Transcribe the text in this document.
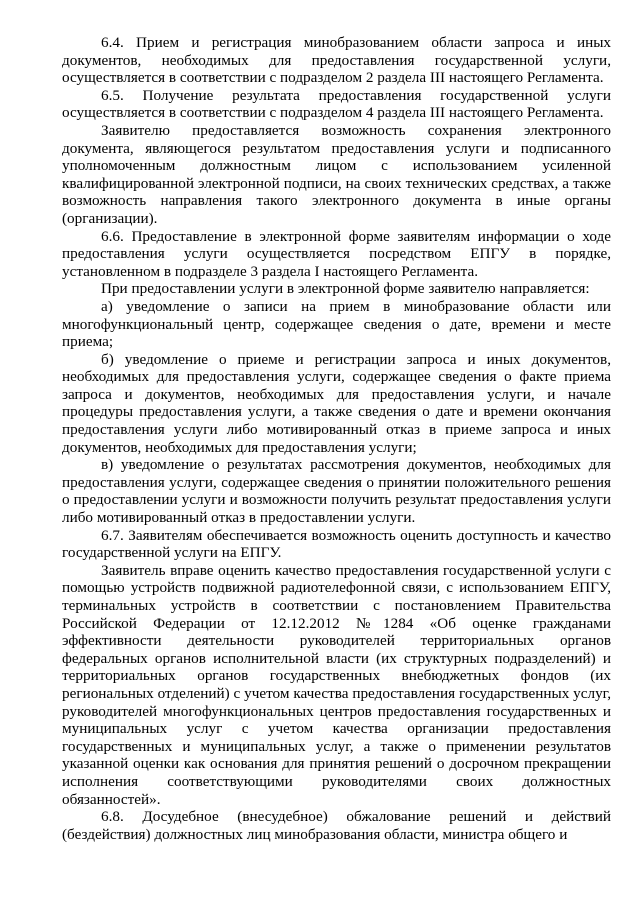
6.4. Прием и регистрация минобразованием области запроса и иных документов, необходимых для предоставления государственной услуги, осуществляется в соответствии с подразделом 2 раздела III настоящего Регламента.

6.5. Получение результата предоставления государственной услуги осуществляется в соответствии с подразделом 4 раздела III настоящего Регламента.

Заявителю предоставляется возможность сохранения электронного документа, являющегося результатом предоставления услуги и подписанного уполномоченным должностным лицом с использованием усиленной квалифицированной электронной подписи, на своих технических средствах, а также возможность направления такого электронного документа в иные органы (организации).

6.6. Предоставление в электронной форме заявителям информации о ходе предоставления услуги осуществляется посредством ЕПГУ в порядке, установленном в подразделе 3 раздела I настоящего Регламента.

При предоставлении услуги в электронной форме заявителю направляется:

а) уведомление о записи на прием в минобразование области или многофункциональный центр, содержащее сведения о дате, времени и месте приема;

б) уведомление о приеме и регистрации запроса и иных документов, необходимых для предоставления услуги, содержащее сведения о факте приема запроса и документов, необходимых для предоставления услуги, и начале процедуры предоставления услуги, а также сведения о дате и времени окончания предоставления услуги либо мотивированный отказ в приеме запроса и иных документов, необходимых для предоставления услуги;

в) уведомление о результатах рассмотрения документов, необходимых для предоставления услуги, содержащее сведения о принятии положительного решения о предоставлении услуги и возможности получить результат предоставления услуги либо мотивированный отказ в предоставлении услуги.

6.7. Заявителям обеспечивается возможность оценить доступность и качество государственной услуги на ЕПГУ.

Заявитель вправе оценить качество предоставления государственной услуги с помощью устройств подвижной радиотелефонной связи, с использованием ЕПГУ, терминальных устройств в соответствии с постановлением Правительства Российской Федерации от 12.12.2012 №1284 «Об оценке гражданами эффективности деятельности руководителей территориальных органов федеральных органов исполнительной власти (их структурных подразделений) и территориальных органов государственных внебюджетных фондов (их региональных отделений) с учетом качества предоставления государственных услуг, руководителей многофункциональных центров предоставления государственных и муниципальных услуг с учетом качества организации предоставления государственных и муниципальных услуг, а также о применении результатов указанной оценки как основания для принятия решений о досрочном прекращении исполнения соответствующими руководителями своих должностных обязанностей».

6.8. Досудебное (внесудебное) обжалование решений и действий (бездействия) должностных лиц минобразования области, министра общего и
